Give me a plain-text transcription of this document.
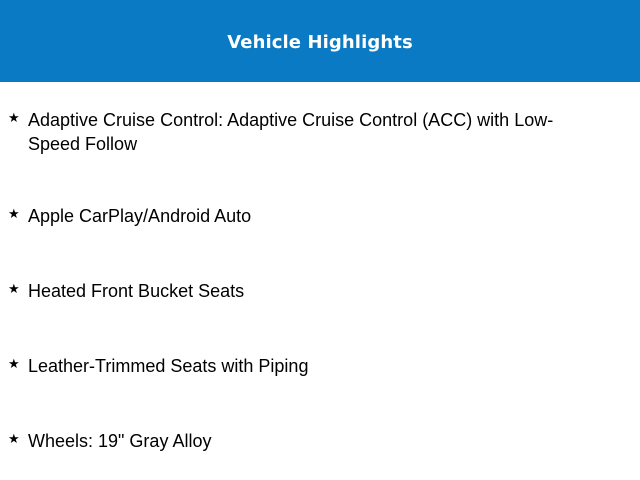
Vehicle Highlights
★ Adaptive Cruise Control: Adaptive Cruise Control (ACC) with Low-Speed Follow
★ Apple CarPlay/Android Auto
★ Heated Front Bucket Seats
★ Leather-Trimmed Seats with Piping
★ Wheels: 19" Gray Alloy
